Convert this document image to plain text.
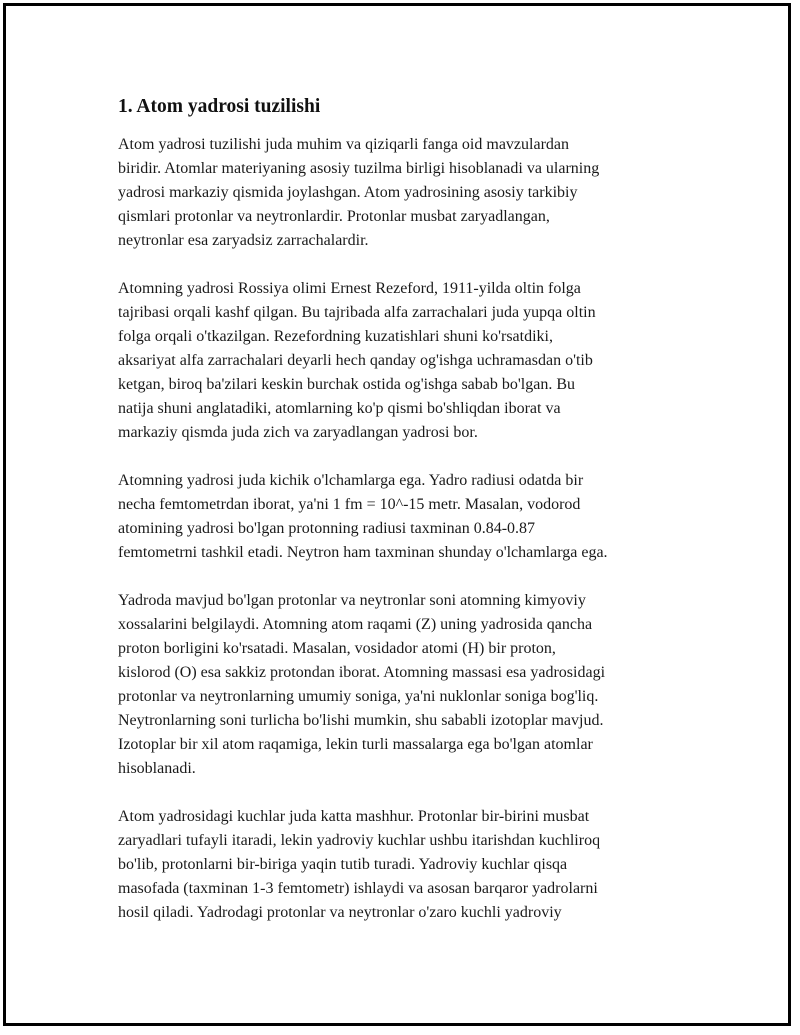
1. Atom yadrosi tuzilishi
Atom yadrosi tuzilishi juda muhim va qiziqarli fanga oid mavzulardan
biridir. Atomlar materiyaning asosiy tuzilma birligi hisoblanadi va ularning
yadrosi markaziy qismida joylashgan. Atom yadrosining asosiy tarkibiy
qismlari protonlar va neytronlardir. Protonlar musbat zaryadlangan,
neytronlar esa zaryadsiz zarrachalardir.
Atomning yadrosi Rossiya olimi Ernest Rezeford, 1911-yilda oltin folga
tajribasi orqali kashf qilgan. Bu tajribada alfa zarrachalari juda yupqa oltin
folga orqali o'tkazilgan. Rezefordning kuzatishlari shuni ko'rsatdiki,
aksariyat alfa zarrachalari deyarli hech qanday og'ishga uchramasdan o'tib
ketgan, biroq ba'zilari keskin burchak ostida og'ishga sabab bo'lgan. Bu
natija shuni anglatadiki, atomlarning ko'p qismi bo'shliqdan iborat va
markaziy qismda juda zich va zaryadlangan yadrosi bor.
Atomning yadrosi juda kichik o'lchamlarga ega. Yadro radiusi odatda bir
necha femtometrdan iborat, ya'ni 1 fm = 10^-15 metr. Masalan, vodorod
atomining yadrosi bo'lgan protonning radiusi taxminan 0.84-0.87
femtometrni tashkil etadi. Neytron ham taxminan shunday o'lchamlarga ega.
Yadroda mavjud bo'lgan protonlar va neytronlar soni atomning kimyoviy
xossalarini belgilaydi. Atomning atom raqami (Z) uning yadrosida qancha
proton borligini ko'rsatadi. Masalan, vosidador atomi (H) bir proton,
kislorod (O) esa sakkiz protondan iborat. Atomning massasi esa yadrosidagi
protonlar va neytronlarning umumiy soniga, ya'ni nuklonlar soniga bog'liq.
Neytronlarning soni turlicha bo'lishi mumkin, shu sababli izotoplar mavjud.
Izotoplar bir xil atom raqamiga, lekin turli massalarga ega bo'lgan atomlar
hisoblanadi.
Atom yadrosidagi kuchlar juda katta mashhur. Protonlar bir-birini musbat
zaryadlari tufayli itaradi, lekin yadroviy kuchlar ushbu itarishdan kuchliroq
bo'lib, protonlarni bir-biriga yaqin tutib turadi. Yadroviy kuchlar qisqa
masofada (taxminan 1-3 femtometr) ishlaydi va asosan barqaror yadrolarni
hosil qiladi. Yadrodagi protonlar va neytronlar o'zaro kuchli yadroviy
